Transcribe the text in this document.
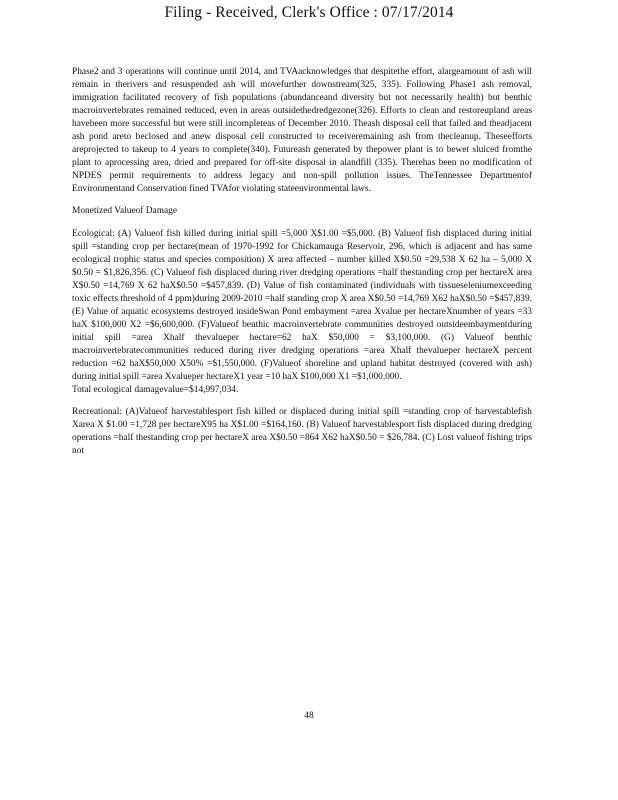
Filing - Received, Clerk's Office : 07/17/2014

Phase2 and 3 operations will continue until 2014, and TVAacknowledges that despitethe effort, alargeamount of ash will remain in therivers and resuspended ash will movefurther downstream(325, 335). Following Phase1 ash removal, immigration facilitated recovery of fish populations (abundanceand diversity but not necessarily health) but benthic macroinvertebrates remained reduced, even in areas outsidethedredgezone(326). Efforts to clean and restoreupland areas havebeen more successful but were still incompleteas of December 2010. Theash disposal cell that failed and theadjacent ash pond areto beclosed and anew disposal cell constructed to receiveremaining ash from thecleanup. Theseefforts areprojected to takeup to 4 years to complete(340). Futureash generated by thepower plant is to bewet sluiced fromthe plant to aprocessing area, dried and prepared for off-site disposal in alandfill (335). Therehas been no modification of NPDES permit requirements to address legacy and non-spill pollution issues. TheTennessee Departmentof Environmentand Conservation fined TVAfor violating stateenvironmental laws.

Monetized Valueof Damage

Ecological: (A) Valueof fish killed during initial spill =5,000 X$1.00 =$5,000. (B) Valueof fish displaced during initial spill =standing crop per hectare(mean of 1970-1992 for Chickamauga Reservoir, 296, which is adjacent and has same ecological trophic status and species composition) X area affected – number killed X$0.50 =29,538 X 62 ha – 5,000 X $0.50 = $1,826,356. (C) Valueof fish displaced during river dredging operations =half thestanding crop per hectareX area X$0.50 =14,769 X 62 haX$0.50 =$457,839. (D) Value of fish contaminated (individuals with tissueseleniumexceeding toxic effects threshold of 4 ppm)during 2009-2010 =half standing crop X area X$0.50 =14,769 X62 haX$0.50 =$457,839. (E) Value of aquatic ecosystems destroyed insideSwan Pond embayment =area Xvalue per hectareXnumber of years =33 haX $100,000 X2 =$6,600,000. (F)Valueof benthic macroinvertebrate communities destroyed outsideembaymentduring initial spill =area Xhalf thevalueper hectare=62 haX $50,000 = $3,100,000. (G) Valueof benthic macroinvertebratecommunities reduced during river dredging operations =area Xhalf thevalueper hectareX percent reduction =62 haX$50,000 X50% =$1,550,000. (F)Valueof shoreline and upland habitat destroyed (covered with ash) during initial spill =area Xvalueper hectareX1 year =10 haX $100,000 X1 =$1,000,000.

Total ecological damagevalue=$14,997,034.

Recreational: (A)Valueof harvestablesport fish killed or displaced during initial spill =standing crop of harvestablefish Xarea X $1.00 =1,728 per hectareX95 ha X$1.00 =$164,160. (B) Valueof harvestablesport fish displaced during dredging operations =half thestanding crop per hectareX area X$0.50 =864 X62 haX$0.50 = $26,784. (C) Lost valueof fishing trips not

48
